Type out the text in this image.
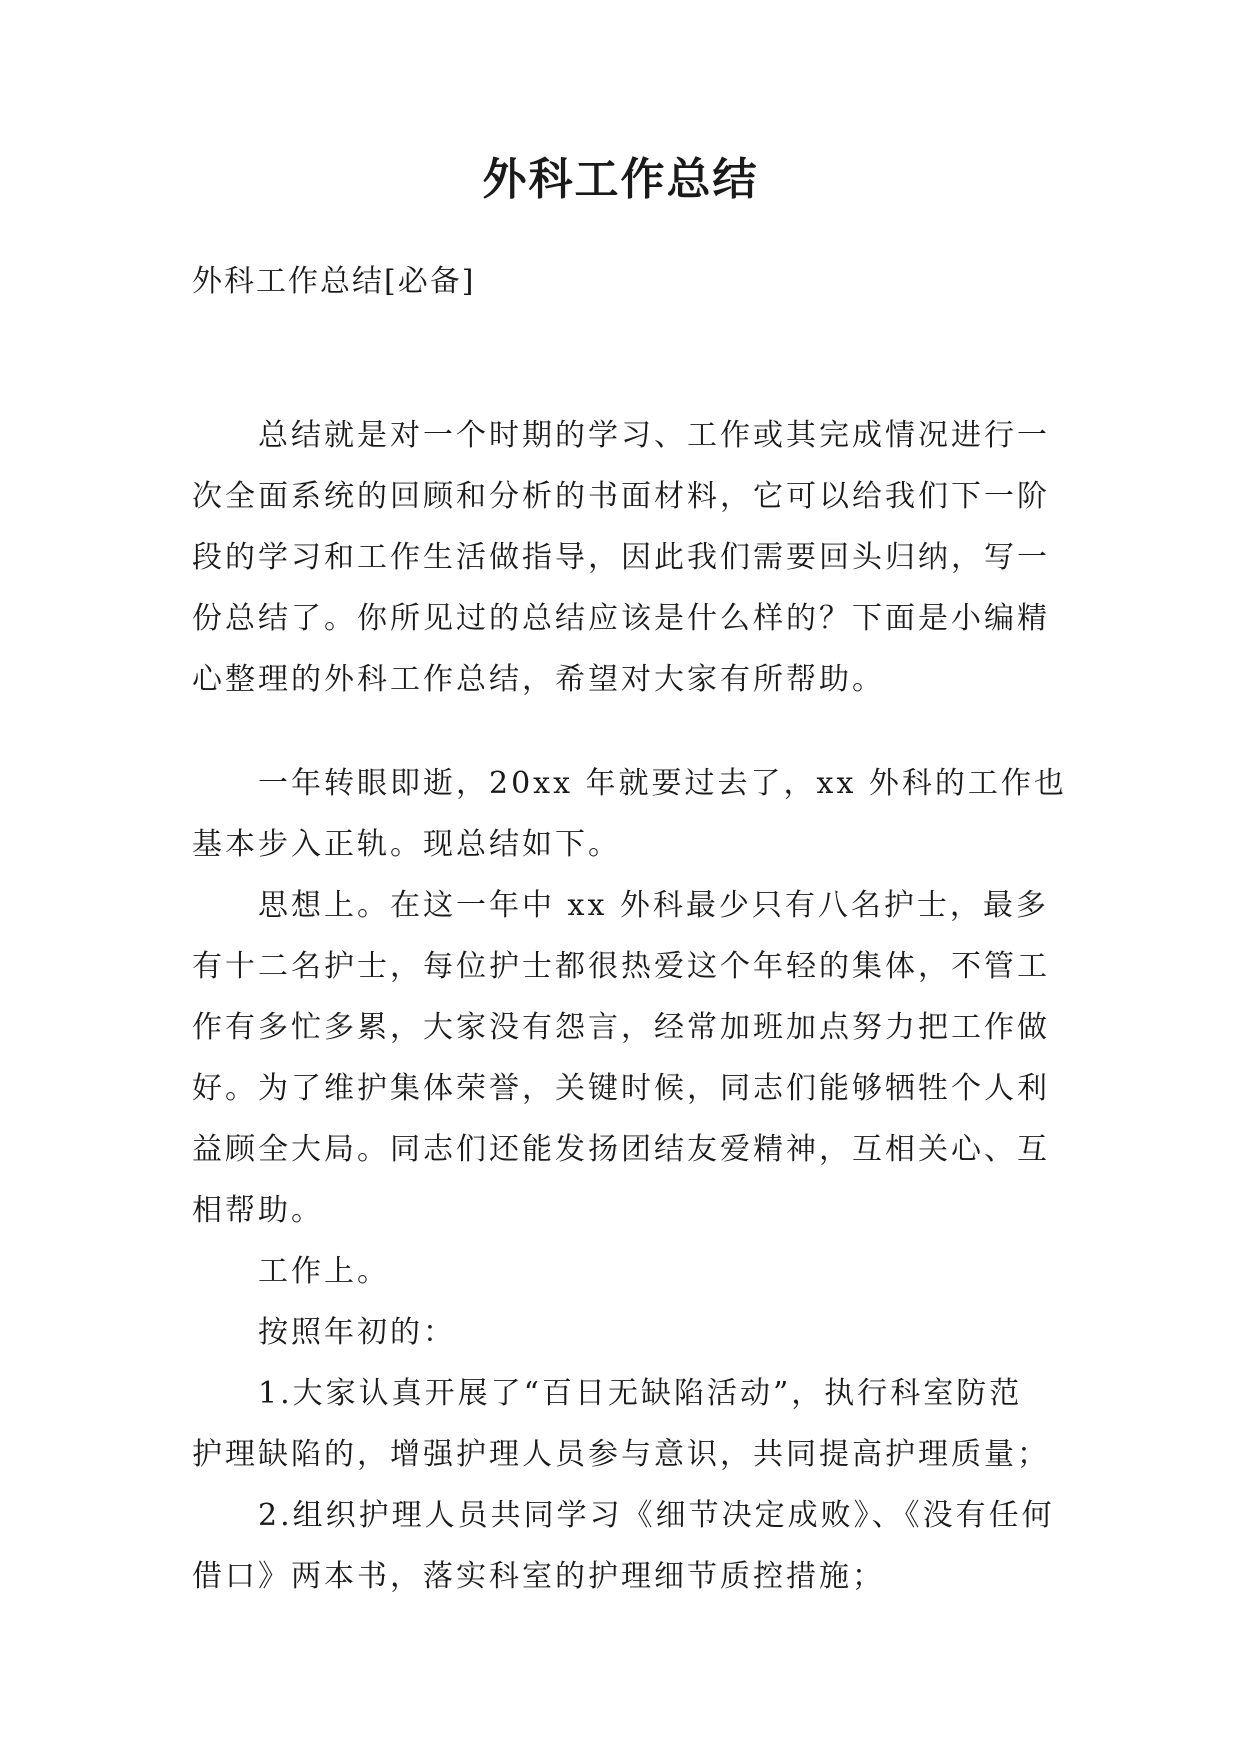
外科工作总结

外科工作总结[必备]

总结就是对一个时期的学习、工作或其完成情况进行一
次全面系统的回顾和分析的书面材料，它可以给我们下一阶
段的学习和工作生活做指导，因此我们需要回头归纳，写一
份总结了。你所见过的总结应该是什么样的？下面是小编精
心整理的外科工作总结，希望对大家有所帮助。
一年转眼即逝，20xx 年就要过去了，xx 外科的工作也
基本步入正轨。现总结如下。
思想上。在这一年中 xx 外科最少只有八名护士，最多
有十二名护士，每位护士都很热爱这个年轻的集体，不管工
作有多忙多累，大家没有怨言，经常加班加点努力把工作做
好。为了维护集体荣誉，关键时候，同志们能够牺牲个人利
益顾全大局。同志们还能发扬团结友爱精神，互相关心、互
相帮助。
工作上。
按照年初的：
1.大家认真开展了“百日无缺陷活动”，执行科室防范
护理缺陷的，增强护理人员参与意识，共同提高护理质量；
2.组织护理人员共同学习《细节决定成败》、《没有任何
借口》两本书，落实科室的护理细节质控措施；
